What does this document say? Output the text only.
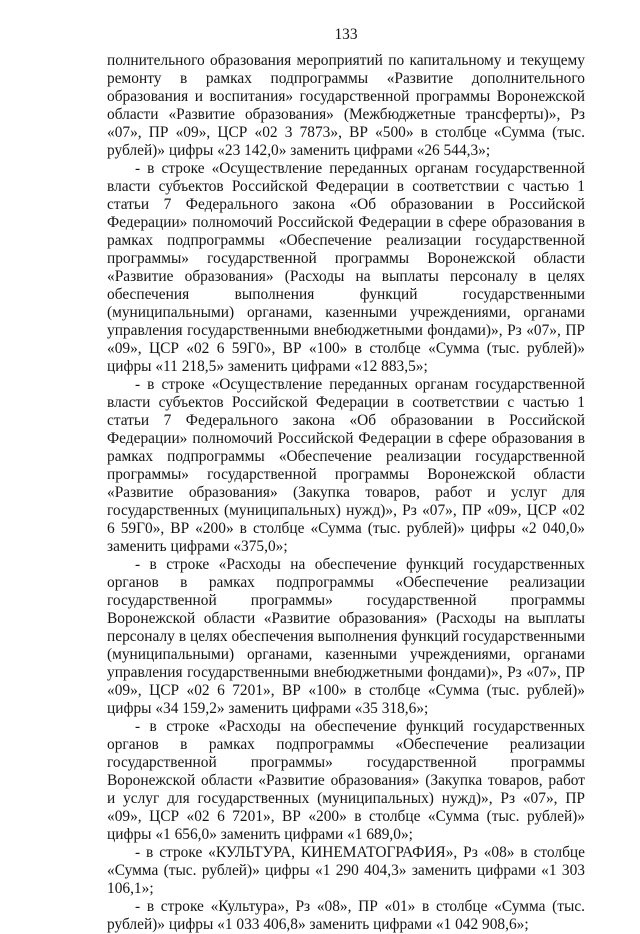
133

полнительного образования мероприятий по капитальному и текущему ремонту в рамках подпрограммы «Развитие дополнительного образования и воспитания» государственной программы Воронежской области «Развитие образования» (Межбюджетные трансферты)», Рз «07», ПР «09», ЦСР «02 3 7873», ВР «500» в столбце «Сумма (тыс. рублей)» цифры «23 142,0» заменить цифрами «26 544,3»;

- в строке «Осуществление переданных органам государственной власти субъектов Российской Федерации в соответствии с частью 1 статьи 7 Федерального закона «Об образовании в Российской Федерации» полномочий Российской Федерации в сфере образования в рамках подпрограммы «Обеспечение реализации государственной программы» государственной программы Воронежской области «Развитие образования» (Расходы на выплаты персоналу в целях обеспечения выполнения функций государственными (муниципальными) органами, казенными учреждениями, органами управления государственными внебюджетными фондами)», Рз «07», ПР «09», ЦСР «02 6 59Г0», ВР «100» в столбце «Сумма (тыс. рублей)» цифры «11 218,5» заменить цифрами «12 883,5»;

- в строке «Осуществление переданных органам государственной власти субъектов Российской Федерации в соответствии с частью 1 статьи 7 Федерального закона «Об образовании в Российской Федерации» полномочий Российской Федерации в сфере образования в рамках подпрограммы «Обеспечение реализации государственной программы» государственной программы Воронежской области «Развитие образования» (Закупка товаров, работ и услуг для государственных (муниципальных) нужд)», Рз «07», ПР «09», ЦСР «02 6 59Г0», ВР «200» в столбце «Сумма (тыс. рублей)» цифры «2 040,0» заменить цифрами «375,0»;

- в строке «Расходы на обеспечение функций государственных органов в рамках подпрограммы «Обеспечение реализации государственной программы» государственной программы Воронежской области «Развитие образования» (Расходы на выплаты персоналу в целях обеспечения выполнения функций государственными (муниципальными) органами, казенными учреждениями, органами управления государственными внебюджетными фондами)», Рз «07», ПР «09», ЦСР «02 6 7201», ВР «100» в столбце «Сумма (тыс. рублей)» цифры «34 159,2» заменить цифрами «35 318,6»;

- в строке «Расходы на обеспечение функций государственных органов в рамках подпрограммы «Обеспечение реализации государственной программы» государственной программы Воронежской области «Развитие образования» (Закупка товаров, работ и услуг для государственных (муниципальных) нужд)», Рз «07», ПР «09», ЦСР «02 6 7201», ВР «200» в столбце «Сумма (тыс. рублей)» цифры «1 656,0» заменить цифрами «1 689,0»;

- в строке «КУЛЬТУРА, КИНЕМАТОГРАФИЯ», Рз «08» в столбце «Сумма (тыс. рублей)» цифры «1 290 404,3» заменить цифрами «1 303 106,1»;

- в строке «Культура», Рз «08», ПР «01» в столбце «Сумма (тыс. рублей)» цифры «1 033 406,8» заменить цифрами «1 042 908,6»;
